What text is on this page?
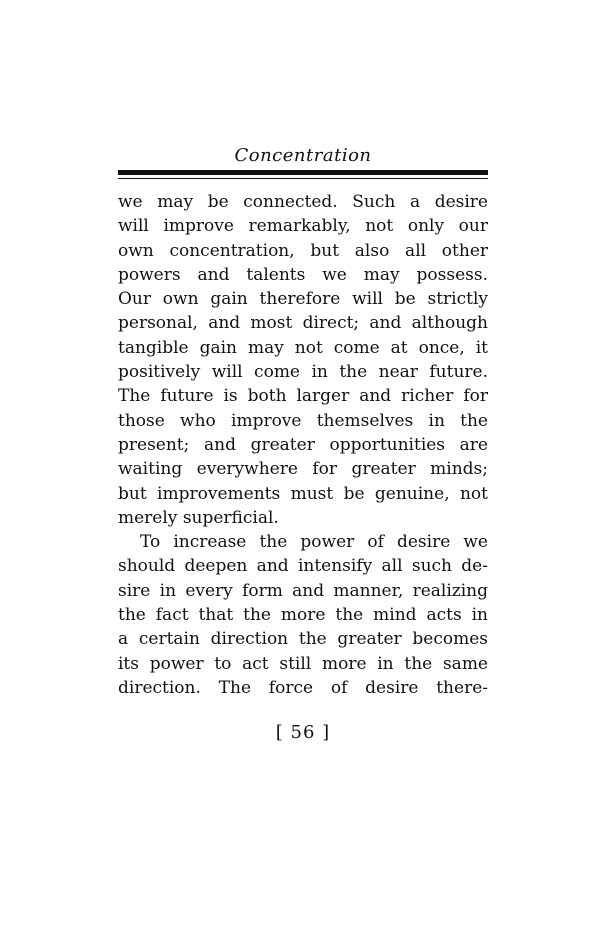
Concentration
we may be connected. Such a desire
will improve remarkably, not only our
own concentration, but also all other
powers and talents we may possess.
Our own gain therefore will be strictly
personal, and most direct; and although
tangible gain may not come at once, it
positively will come in the near future.
The future is both larger and richer for
those who improve themselves in the
present; and greater opportunities are
waiting everywhere for greater minds;
but improvements must be genuine, not
merely superficial.
To increase the power of desire we
should deepen and intensify all such de-
sire in every form and manner, realizing
the fact that the more the mind acts in
a certain direction the greater becomes
its power to act still more in the same
direction. The force of desire there-
[ 56 ]
